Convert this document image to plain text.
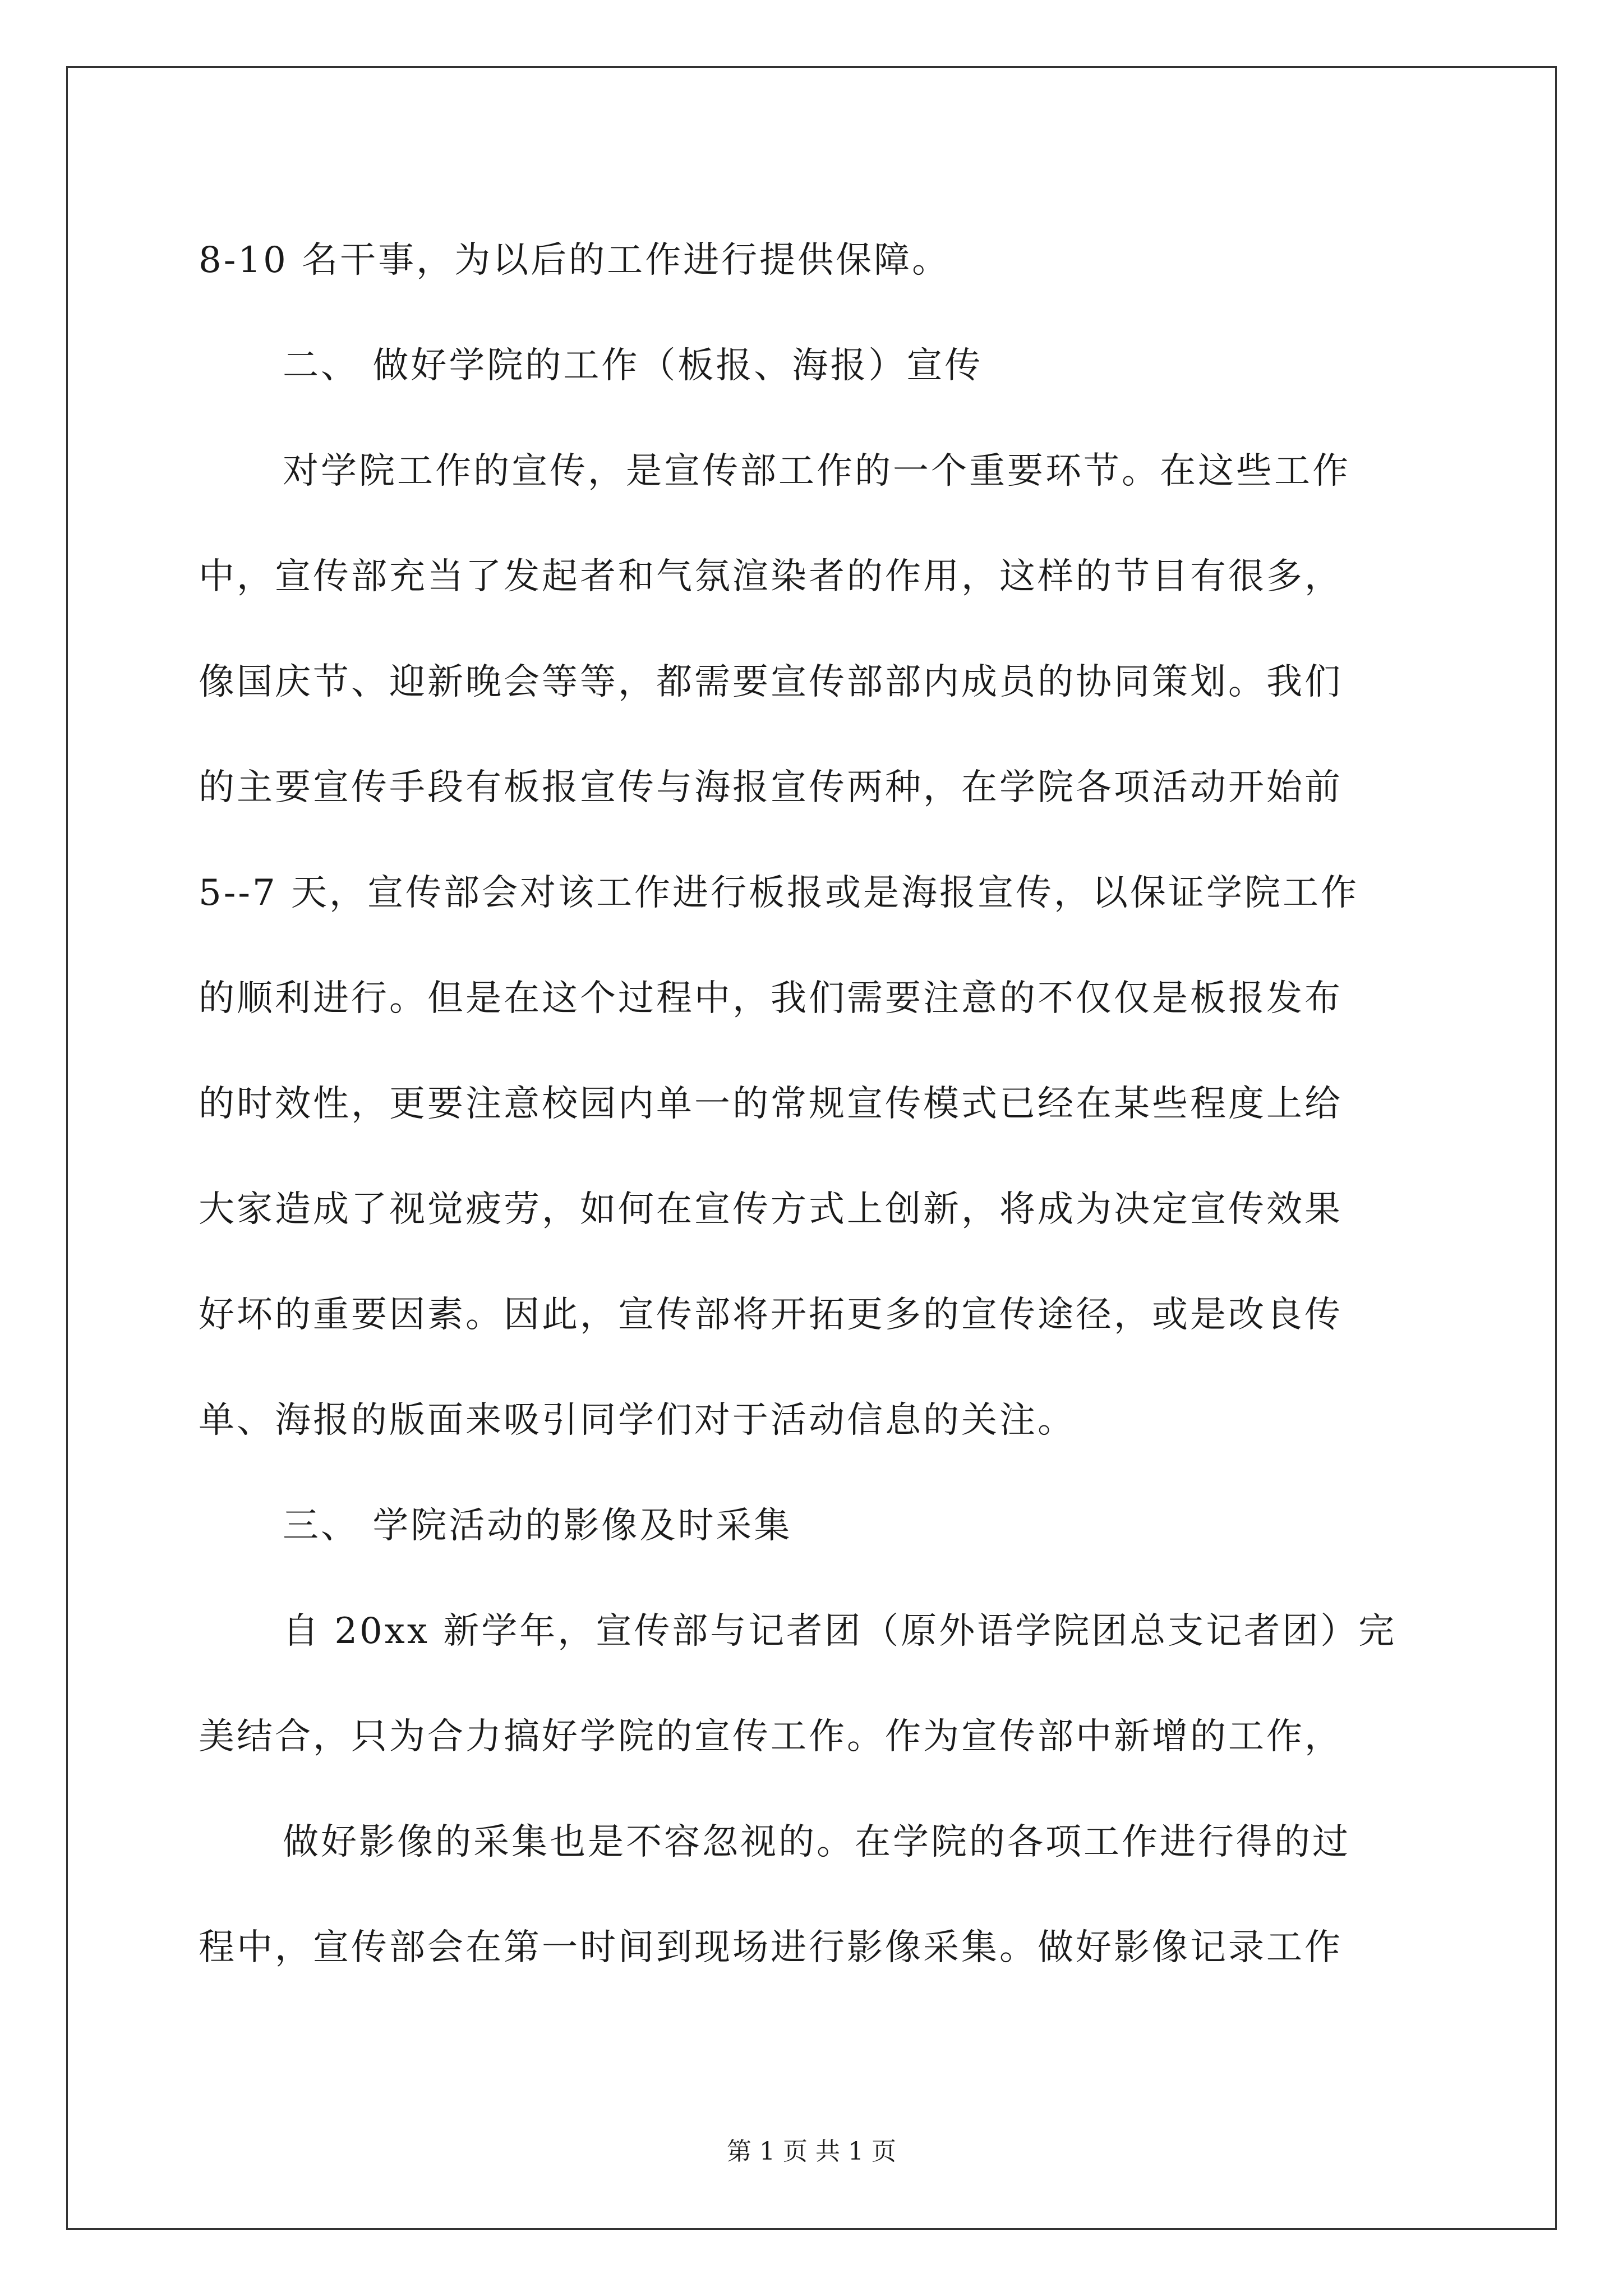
8-10 名干事，为以后的工作进行提供保障。
二、 做好学院的工作（板报、海报）宣传
对学院工作的宣传，是宣传部工作的一个重要环节。在这些工作
中，宣传部充当了发起者和气氛渲染者的作用，这样的节目有很多，
像国庆节、迎新晚会等等，都需要宣传部部内成员的协同策划。我们
的主要宣传手段有板报宣传与海报宣传两种，在学院各项活动开始前
5--7 天，宣传部会对该工作进行板报或是海报宣传，以保证学院工作
的顺利进行。但是在这个过程中，我们需要注意的不仅仅是板报发布
的时效性，更要注意校园内单一的常规宣传模式已经在某些程度上给
大家造成了视觉疲劳，如何在宣传方式上创新，将成为决定宣传效果
好坏的重要因素。因此，宣传部将开拓更多的宣传途径，或是改良传
单、海报的版面来吸引同学们对于活动信息的关注。
三、 学院活动的影像及时采集
自 20xx 新学年，宣传部与记者团（原外语学院团总支记者团）完
美结合，只为合力搞好学院的宣传工作。作为宣传部中新增的工作，
做好影像的采集也是不容忽视的。在学院的各项工作进行得的过
程中，宣传部会在第一时间到现场进行影像采集。做好影像记录工作
第 1 页 共 1 页
